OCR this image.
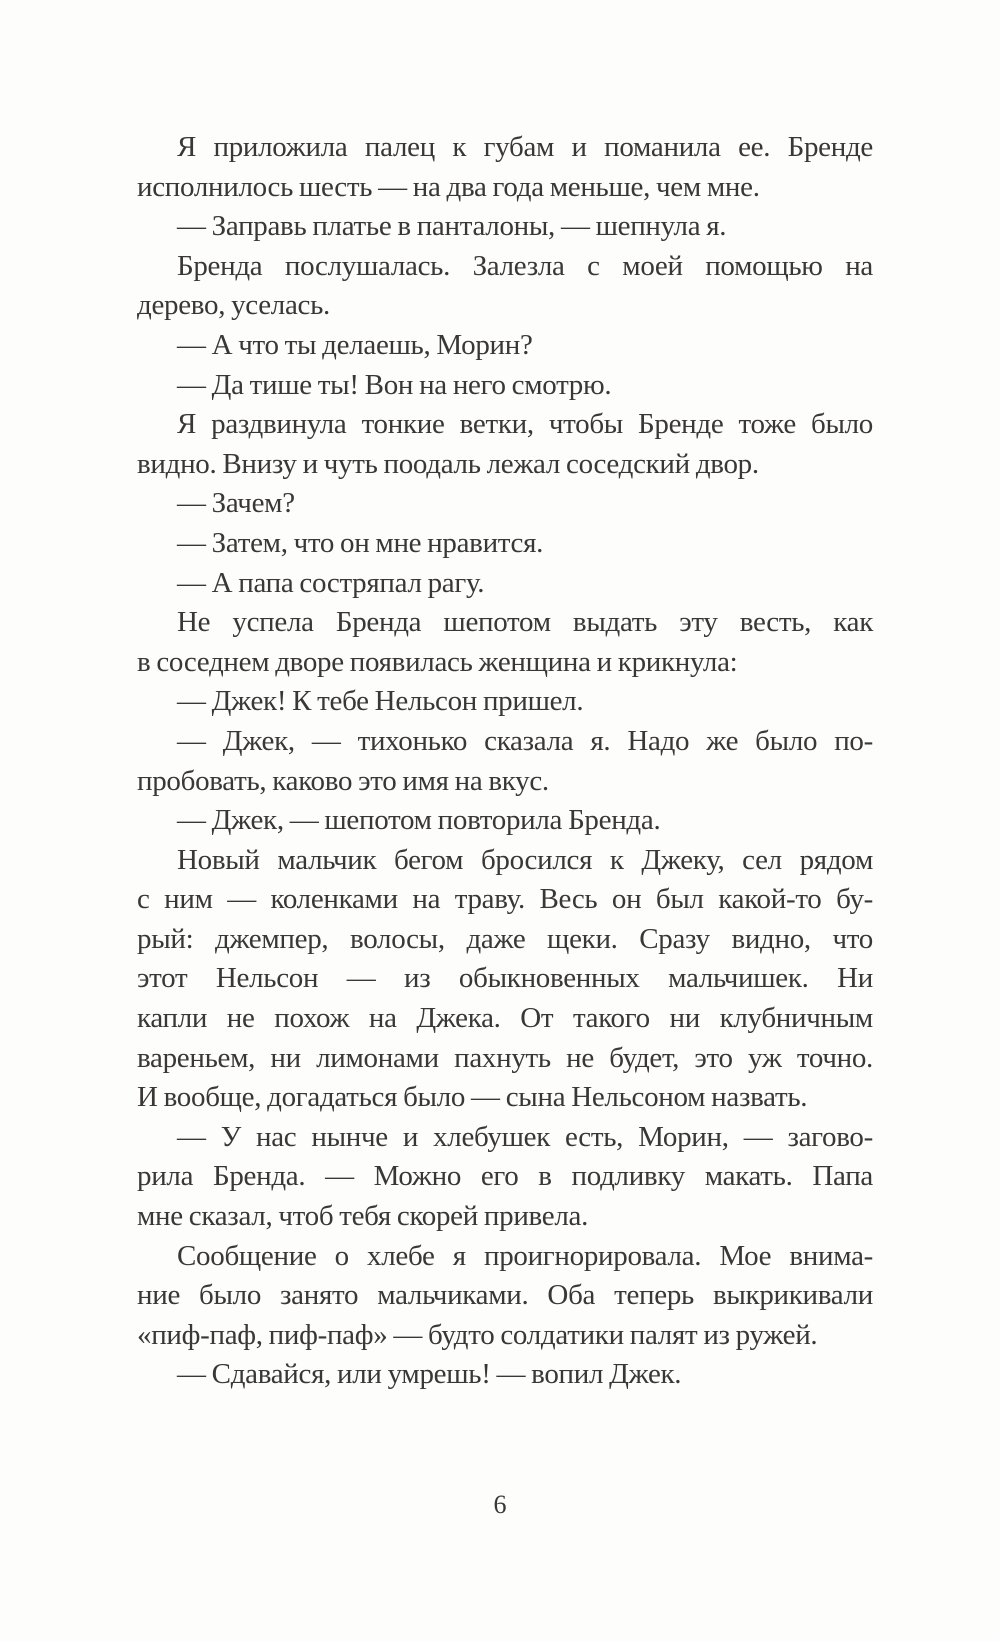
Я приложила палец к губам и поманила ее. Бренде
исполнилось шесть — на два года меньше, чем мне.
— Заправь платье в панталоны, — шепнула я.
Бренда послушалась. Залезла с моей помощью на
дерево, уселась.
— А что ты делаешь, Морин?
— Да тише ты! Вон на него смотрю.
Я раздвинула тонкие ветки, чтобы Бренде тоже было
видно. Внизу и чуть поодаль лежал соседский двор.
— Зачем?
— Затем, что он мне нравится.
— А папа состряпал рагу.
Не успела Бренда шепотом выдать эту весть, как
в соседнем дворе появилась женщина и крикнула:
— Джек! К тебе Нельсон пришел.
— Джек, — тихонько сказала я. Надо же было по-
пробовать, каково это имя на вкус.
— Джек, — шепотом повторила Бренда.
Новый мальчик бегом бросился к Джеку, сел рядом
с ним — коленками на траву. Весь он был какой-то бу-
рый: джемпер, волосы, даже щеки. Сразу видно, что
этот Нельсон — из обыкновенных мальчишек. Ни
капли не похож на Джека. От такого ни клубничным
вареньем, ни лимонами пахнуть не будет, это уж точно.
И вообще, догадаться было — сына Нельсоном назвать.
— У нас нынче и хлебушек есть, Морин, — загово-
рила Бренда. — Можно его в подливку макать. Папа
мне сказал, чтоб тебя скорей привела.
Сообщение о хлебе я проигнорировала. Мое внима-
ние было занято мальчиками. Оба теперь выкрикивали
«пиф-паф, пиф-паф» — будто солдатики палят из ружей.
— Сдавайся, или умрешь! — вопил Джек.
6
